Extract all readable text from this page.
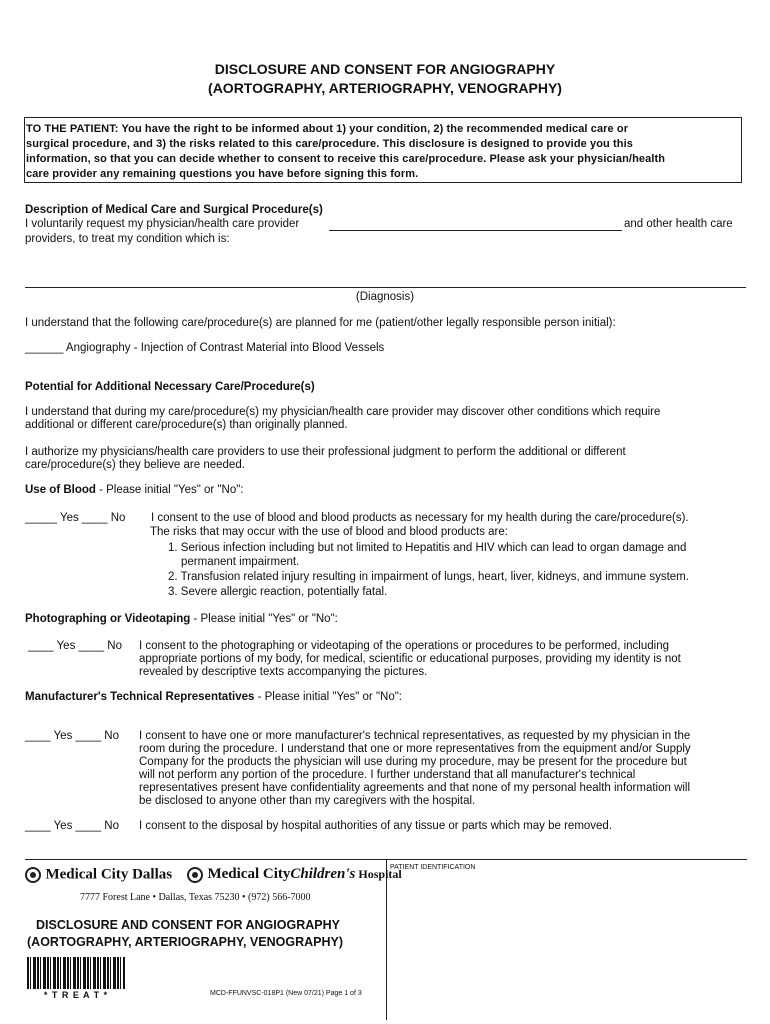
DISCLOSURE AND CONSENT FOR ANGIOGRAPHY
(AORTOGRAPHY, ARTERIOGRAPHY, VENOGRAPHY)
TO THE PATIENT: You have the right to be informed about 1) your condition, 2) the recommended medical care or
surgical procedure, and 3) the risks related to this care/procedure. This disclosure is designed to provide you this
information, so that you can decide whether to consent to receive this care/procedure. Please ask your physician/health
care provider any remaining questions you have before signing this form.
Description of Medical Care and Surgical Procedure(s)
I voluntarily request my physician/health care provider	and other health care
providers, to treat my condition which is:
(Diagnosis)
I understand that the following care/procedure(s) are planned for me (patient/other legally responsible person initial):
______ Angiography - Injection of Contrast Material into Blood Vessels
Potential for Additional Necessary Care/Procedure(s)
I understand that during my care/procedure(s) my physician/health care provider may discover other conditions which require
additional or different care/procedure(s) than originally planned.
I authorize my physicians/health care providers to use their professional judgment to perform the additional or different
care/procedure(s) they believe are needed.
Use of Blood - Please initial "Yes" or "No":
_____ Yes ____ No I consent to the use of blood and blood products as necessary for my health during the care/procedure(s).
The risks that may occur with the use of blood and blood products are:
1. Serious infection including but not limited to Hepatitis and HIV which can lead to organ damage and
permanent impairment.
2. Transfusion related injury resulting in impairment of lungs, heart, liver, kidneys, and immune system.
3. Severe allergic reaction, potentially fatal.
Photographing or Videotaping - Please initial "Yes" or "No":
____ Yes ____ No I consent to the photographing or videotaping of the operations or procedures to be performed, including
appropriate portions of my body, for medical, scientific or educational purposes, providing my identity is not
revealed by descriptive texts accompanying the pictures.
Manufacturer's Technical Representatives - Please initial "Yes" or "No":
____ Yes ____ No I consent to have one or more manufacturer's technical representatives, as requested by my physician in the
room during the procedure. I understand that one or more representatives from the equipment and/or Supply
Company for the products the physician will use during my procedure, may be present for the procedure but
will not perform any portion of the procedure. I further understand that all manufacturer's technical
representatives present have confidentiality agreements and that none of my personal health information will
be disclosed to anyone other than my caregivers with the hospital.
____ Yes ____ No I consent to the disposal by hospital authorities of any tissue or parts which may be removed.
Medical City Dallas Medical CityChildren's Hospital
7777 Forest Lane • Dallas, Texas 75230 • (972) 566-7000
DISCLOSURE AND CONSENT FOR ANGIOGRAPHY
(AORTOGRAPHY, ARTERIOGRAPHY, VENOGRAPHY)
* T R E A T *	MCD-FFUNVSC-018P1 (New 07/21) Page 1 of 3
PATIENT IDENTIFICATION
